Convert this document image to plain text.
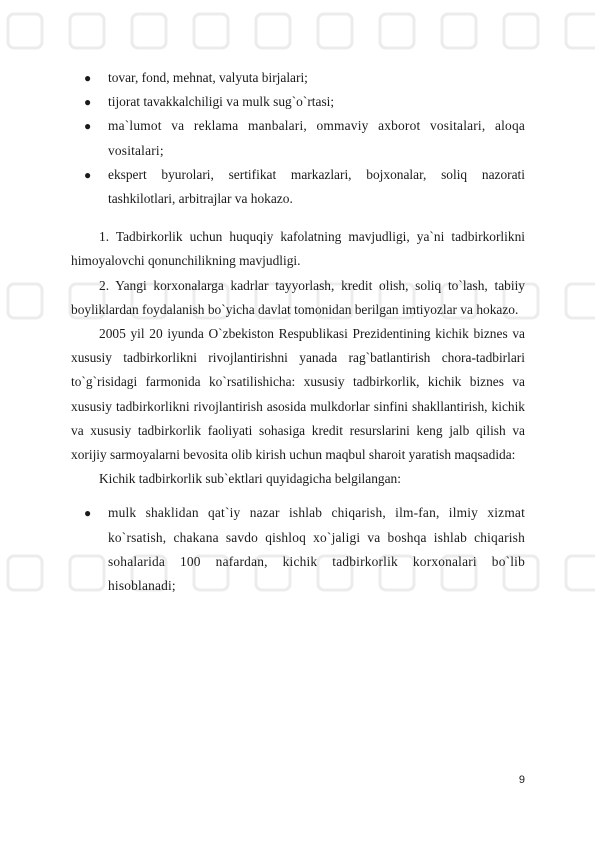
● tovar, fond, mehnat, valyuta birjalari;
● tijorat tavakkalchiligi va mulk sug`o`rtasi;
● ma`lumot va reklama manbalari, ommaviy axborot vositalari, aloqa vositalari;
● ekspert byurolari, sertifikat markazlari, bojxonalar, soliq nazorati tashkilotlari, arbitrajlar va hokazo.

1. Tadbirkorlik uchun huquqiy kafolatning mavjudligi, ya`ni tadbirkorlikni himoyalovchi qonunchilikning mavjudligi.

2. Yangi korxonalarga kadrlar tayyorlash, kredit olish, soliq to`lash, tabiiy boyliklardan foydalanish bo`yicha davlat tomonidan berilgan imtiyozlar va hokazo.

2005 yil 20 iyunda O`zbekiston Respublikasi Prezidentining kichik biznes va xususiy tadbirkorlikni rivojlantirishni yanada rag`batlantirish chora-tadbirlari to`g`risidagi farmonida ko`rsatilishicha: xususiy tadbirkorlik, kichik biznes va xususiy tadbirkorlikni rivojlantirish asosida mulkdorlar sinfini shakllantirish, kichik va xususiy tadbirkorlik faoliyati sohasiga kredit resurslarini keng jalb qilish va xorijiy sarmoyalarni bevosita olib kirish uchun maqbul sharoit yaratish maqsadida:

Kichik tadbirkorlik sub`ektlari quyidagicha belgilangan:

● mulk shaklidan qat`iy nazar ishlab chiqarish, ilm-fan, ilmiy xizmat ko`rsatish, chakana savdo qishloq xo`jaligi va boshqa ishlab chiqarish sohalarida 100 nafardan, kichik tadbirkorlik korxonalari bo`lib hisoblanadi;
9
